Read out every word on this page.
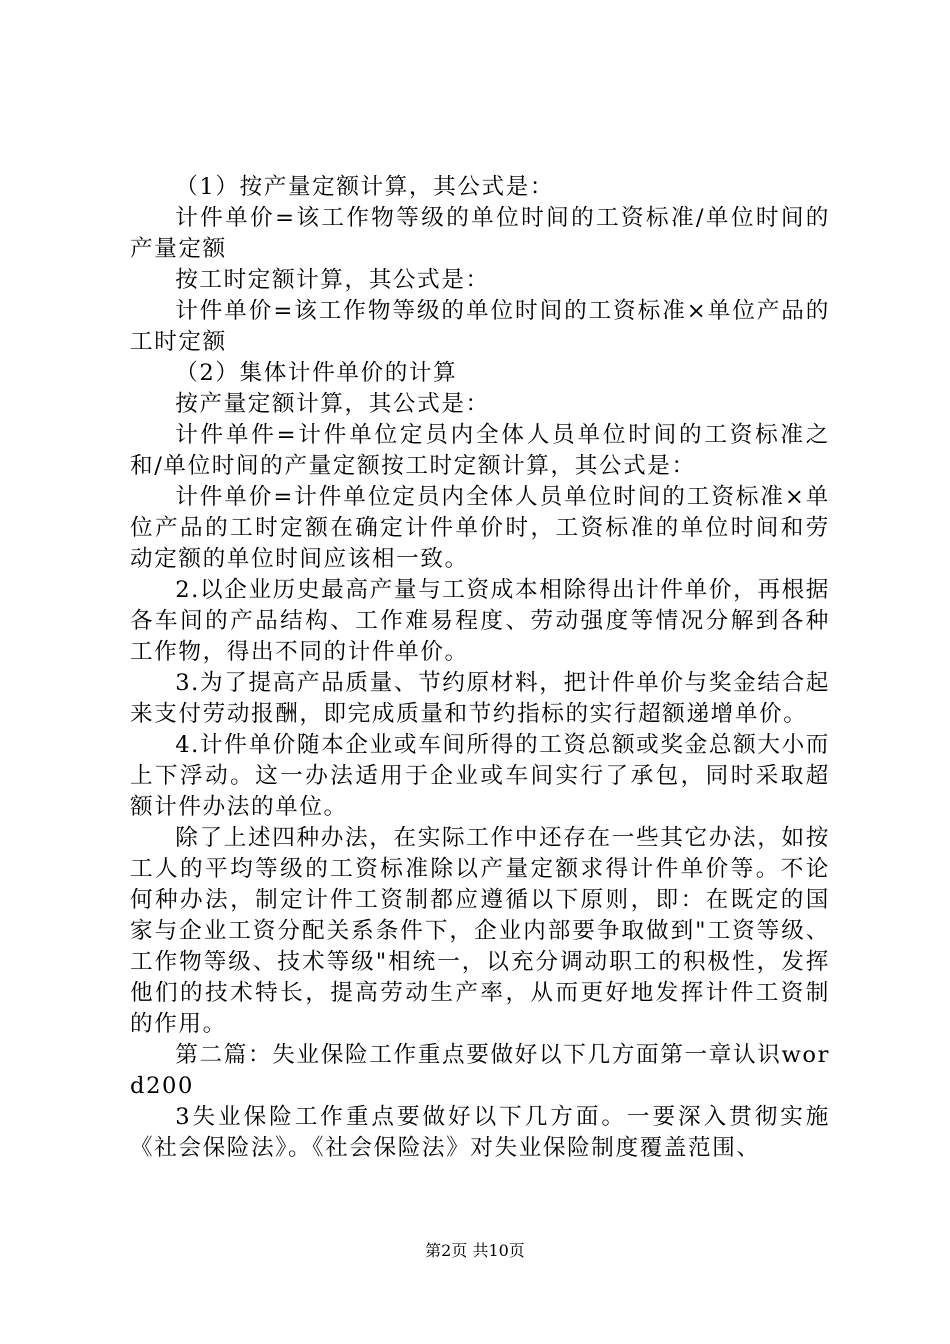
（1）按产量定额计算，其公式是：

计件单价=该工作物等级的单位时间的工资标准/单位时间的产量定额

按工时定额计算，其公式是：

计件单价=该工作物等级的单位时间的工资标准×单位产品的工时定额

（2）集体计件单价的计算

按产量定额计算，其公式是：

计件单件=计件单位定员内全体人员单位时间的工资标准之和/单位时间的产量定额按工时定额计算，其公式是：

计件单价=计件单位定员内全体人员单位时间的工资标准×单位产品的工时定额在确定计件单价时，工资标准的单位时间和劳动定额的单位时间应该相一致。

2.以企业历史最高产量与工资成本相除得出计件单价，再根据各车间的产品结构、工作难易程度、劳动强度等情况分解到各种工作物，得出不同的计件单价。

3.为了提高产品质量、节约原材料，把计件单价与奖金结合起来支付劳动报酬，即完成质量和节约指标的实行超额递增单价。

4.计件单价随本企业或车间所得的工资总额或奖金总额大小而上下浮动。这一办法适用于企业或车间实行了承包，同时采取超额计件办法的单位。

除了上述四种办法，在实际工作中还存在一些其它办法，如按工人的平均等级的工资标准除以产量定额求得计件单价等。不论何种办法，制定计件工资制都应遵循以下原则，即：在既定的国家与企业工资分配关系条件下，企业内部要争取做到"工资等级、工作物等级、技术等级"相统一，以充分调动职工的积极性，发挥他们的技术特长，提高劳动生产率，从而更好地发挥计件工资制的作用。

第二篇：失业保险工作重点要做好以下几方面第一章认识word200

3失业保险工作重点要做好以下几方面。一要深入贯彻实施《社会保险法》。《社会保险法》对失业保险制度覆盖范围、

第2页 共10页
